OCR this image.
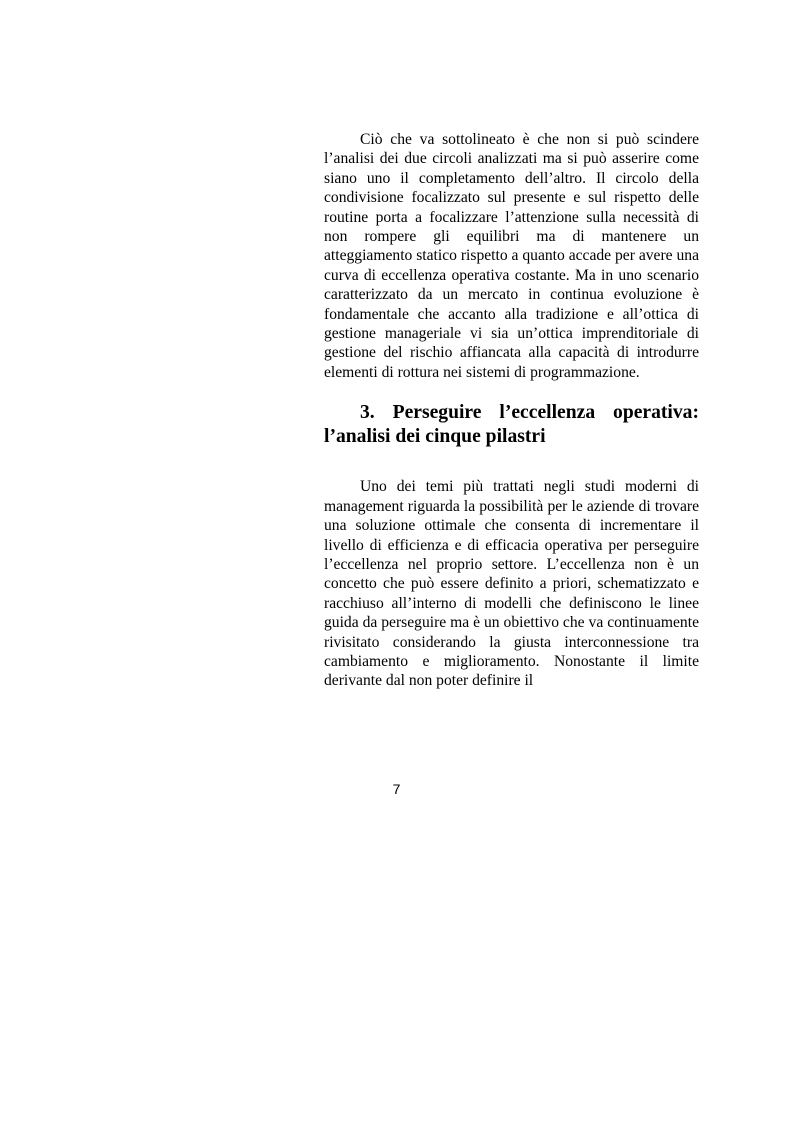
Ciò che va sottolineato è che non si può scindere l’analisi dei due circoli analizzati ma si può asserire come siano uno il completamento dell’altro. Il circolo della condivisione focalizzato sul presente e sul rispetto delle routine porta a focalizzare l’attenzione sulla necessità di non rompere gli equilibri ma di mantenere un atteggiamento statico rispetto a quanto accade per avere una curva di eccellenza operativa costante. Ma in uno scenario caratterizzato da un mercato in continua evoluzione è fondamentale che accanto alla tradizione e all’ottica di gestione manageriale vi sia un’ottica imprenditoriale di gestione del rischio affiancata alla capacità di introdurre elementi di rottura nei sistemi di programmazione.

3. Perseguire l’eccellenza operativa: l’analisi dei cinque pilastri

Uno dei temi più trattati negli studi moderni di management riguarda la possibilità per le aziende di trovare una soluzione ottimale che consenta di incrementare il livello di efficienza e di efficacia operativa per perseguire l’eccellenza nel proprio settore. L’eccellenza non è un concetto che può essere definito a priori, schematizzato e racchiuso all’interno di modelli che definiscono le linee guida da perseguire ma è un obiettivo che va continuamente rivisitato considerando la giusta interconnessione tra cambiamento e miglioramento. Nonostante il limite derivante dal non poter definire il

7
